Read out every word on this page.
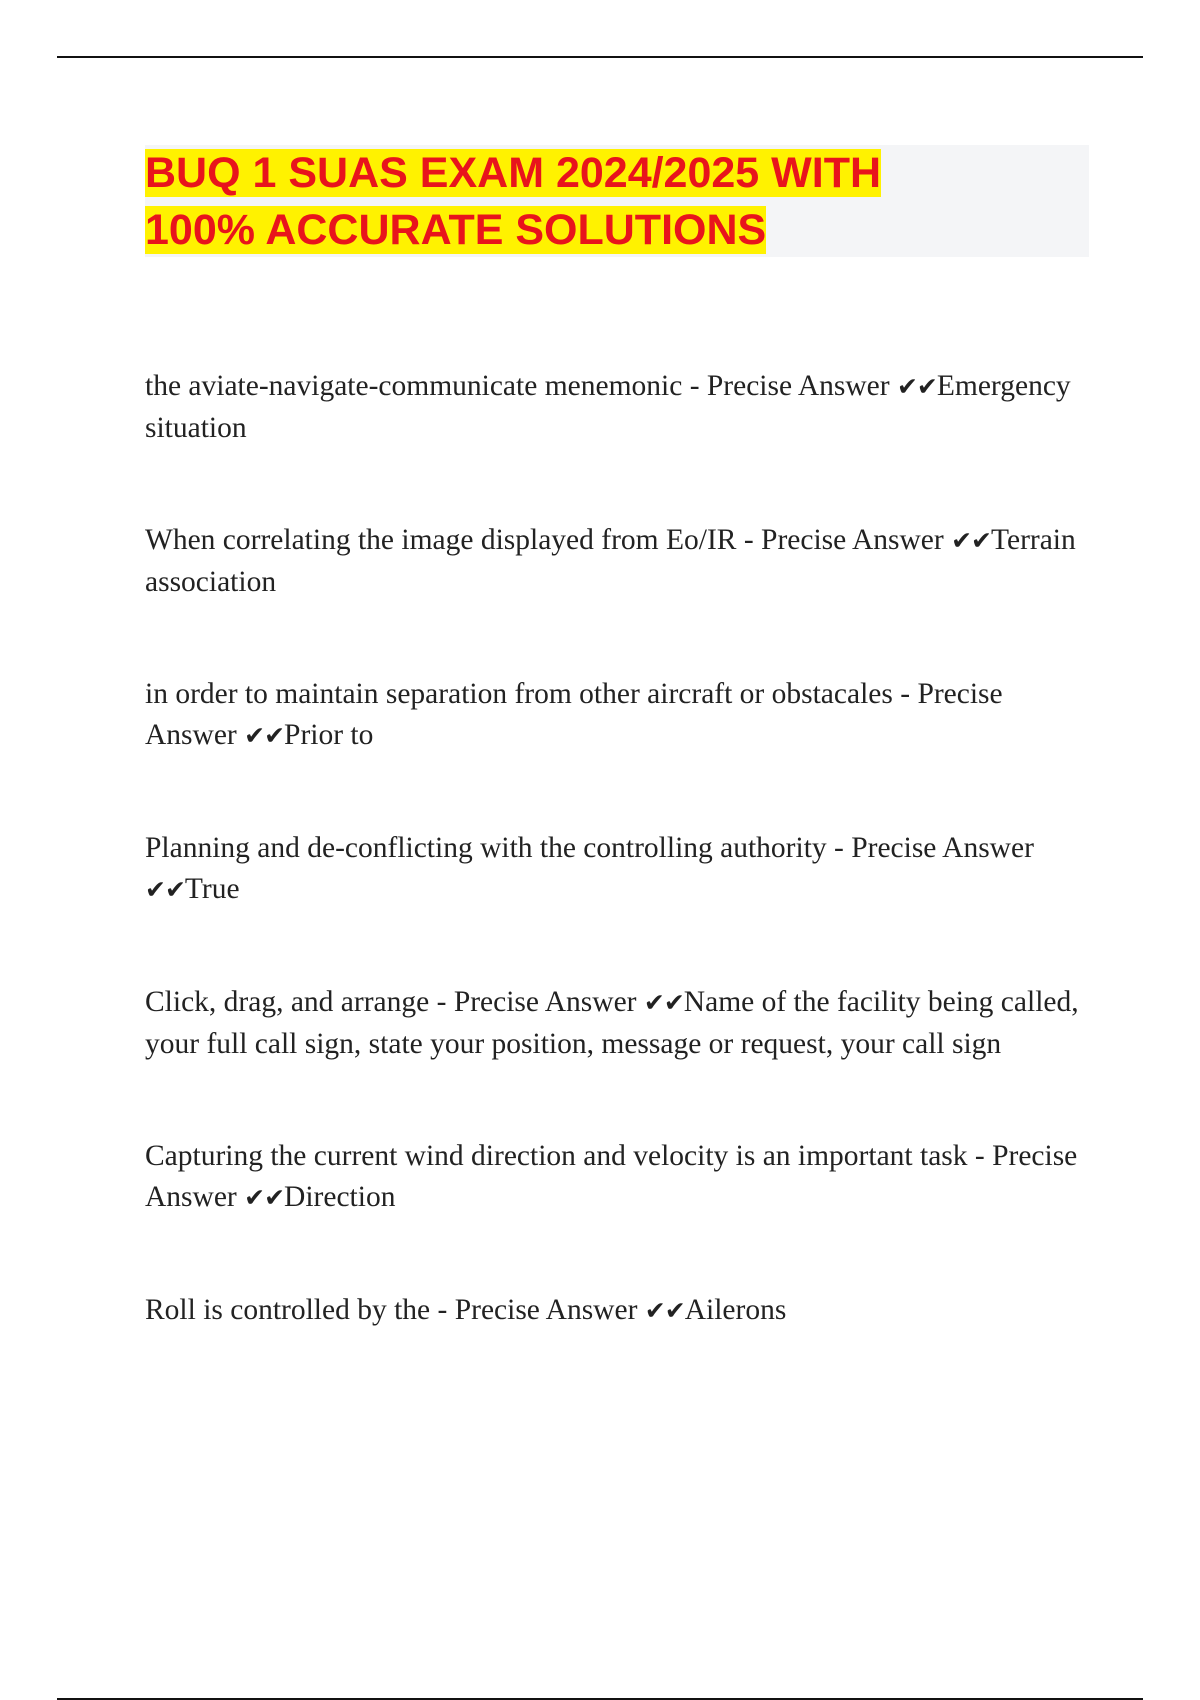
BUQ 1 SUAS EXAM 2024/2025 WITH
100% ACCURATE SOLUTIONS
the aviate-navigate-communicate menemonic - Precise Answer ✔✔Emergency situation
When correlating the image displayed from Eo/IR - Precise Answer ✔✔Terrain association
in order to maintain separation from other aircraft or obstacales - Precise Answer ✔✔Prior to
Planning and de-conflicting with the controlling authority - Precise Answer ✔✔True
Click, drag, and arrange - Precise Answer ✔✔Name of the facility being called, your full call sign, state your position, message or request, your call sign
Capturing the current wind direction and velocity is an important task - Precise Answer ✔✔Direction
Roll is controlled by the - Precise Answer ✔✔Ailerons
